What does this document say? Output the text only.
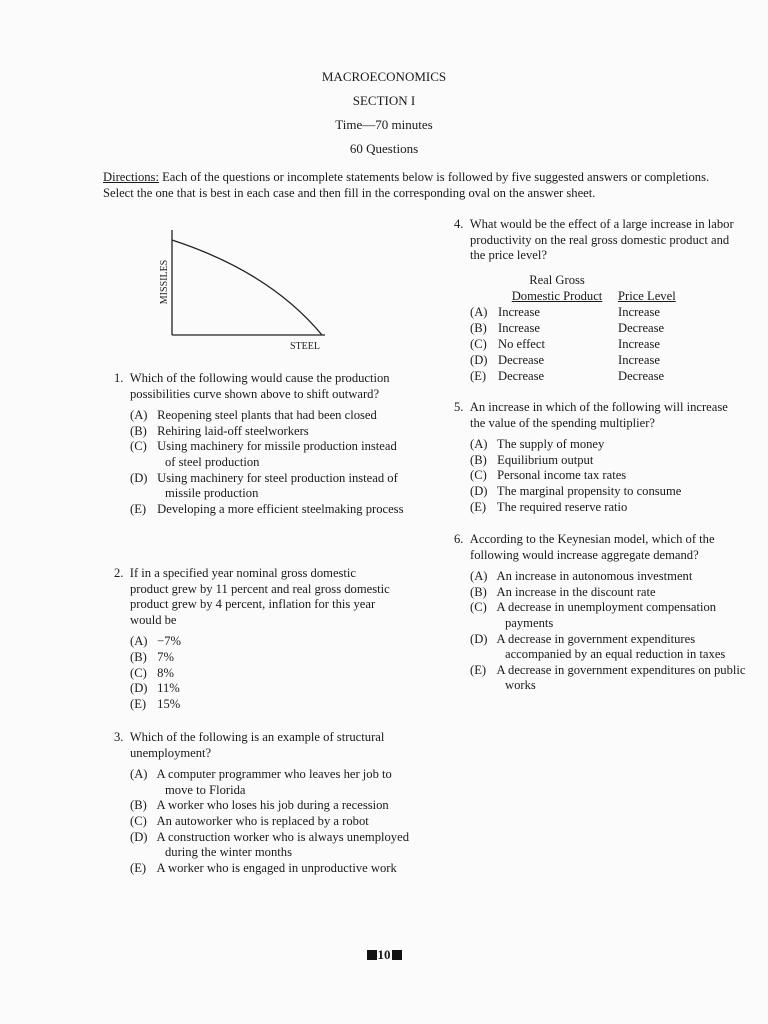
MACROECONOMICS
SECTION I
Time—70 minutes
60 Questions
Directions: Each of the questions or incomplete statements below is followed by five suggested answers or completions. Select the one that is best in each case and then fill in the corresponding oval on the answer sheet.
MISSILES
STEEL
1. Which of the following would cause the production possibilities curve shown above to shift outward?
(A) Reopening steel plants that had been closed
(B) Rehiring laid-off steelworkers
(C) Using machinery for missile production instead of steel production
(D) Using machinery for steel production instead of missile production
(E) Developing a more efficient steelmaking process
2. If in a specified year nominal gross domestic product grew by 11 percent and real gross domestic product grew by 4 percent, inflation for this year would be
(A) −7%
(B) 7%
(C) 8%
(D) 11%
(E) 15%
3. Which of the following is an example of structural unemployment?
(A) A computer programmer who leaves her job to move to Florida
(B) A worker who loses his job during a recession
(C) An autoworker who is replaced by a robot
(D) A construction worker who is always unemployed during the winter months
(E) A worker who is engaged in unproductive work
4. What would be the effect of a large increase in labor productivity on the real gross domestic product and the price level?
	Real Gross	
	Domestic Product	Price Level
(A)	Increase	Increase
(B)	Increase	Decrease
(C)	No effect	Increase
(D)	Decrease	Increase
(E)	Decrease	Decrease
5. An increase in which of the following will increase the value of the spending multiplier?
(A) The supply of money
(B) Equilibrium output
(C) Personal income tax rates
(D) The marginal propensity to consume
(E) The required reserve ratio
6. According to the Keynesian model, which of the following would increase aggregate demand?
(A) An increase in autonomous investment
(B) An increase in the discount rate
(C) A decrease in unemployment compensation payments
(D) A decrease in government expenditures accompanied by an equal reduction in taxes
(E) A decrease in government expenditures on public works
10
